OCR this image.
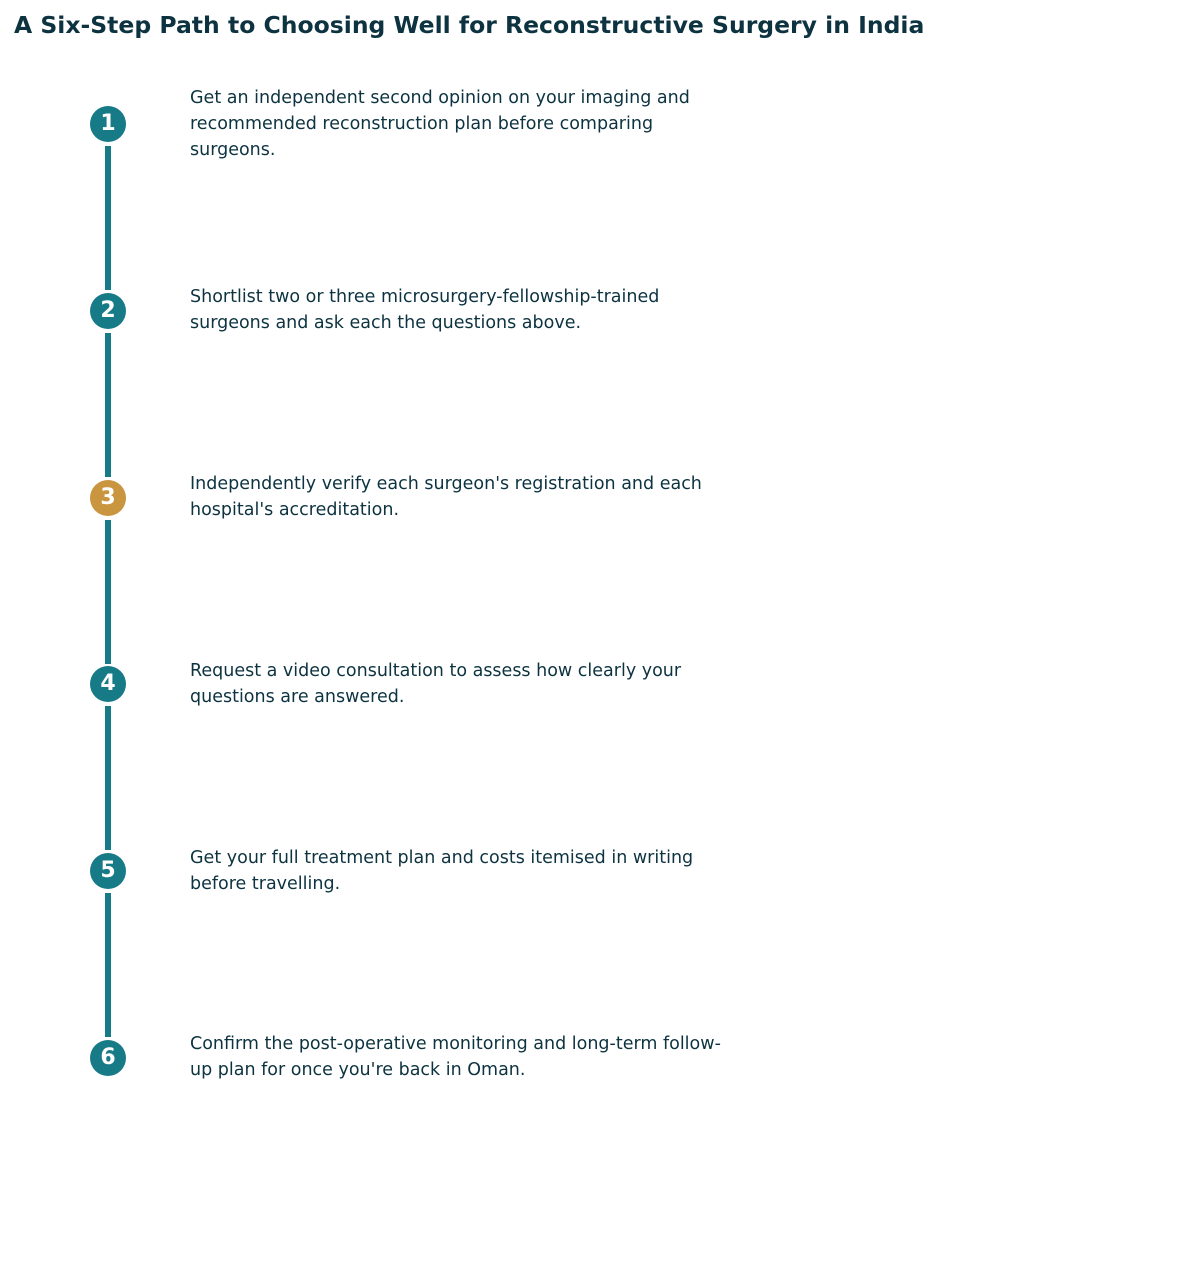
A Six-Step Path to Choosing Well for Reconstructive Surgery in India
1

Get an independent second opinion on your imaging and recommended reconstruction plan before comparing surgeons.

2

Shortlist two or three microsurgery-fellowship-trained surgeons and ask each the questions above.

3

Independently verify each surgeon's registration and each hospital's accreditation.

4	Request a video consultation to assess how clearly your questions are answered.

5	Get your full treatment plan and costs itemised in writing before travelling.

6

Confirm the post-operative monitoring and long-term follow-up plan for once you're back in Oman.
